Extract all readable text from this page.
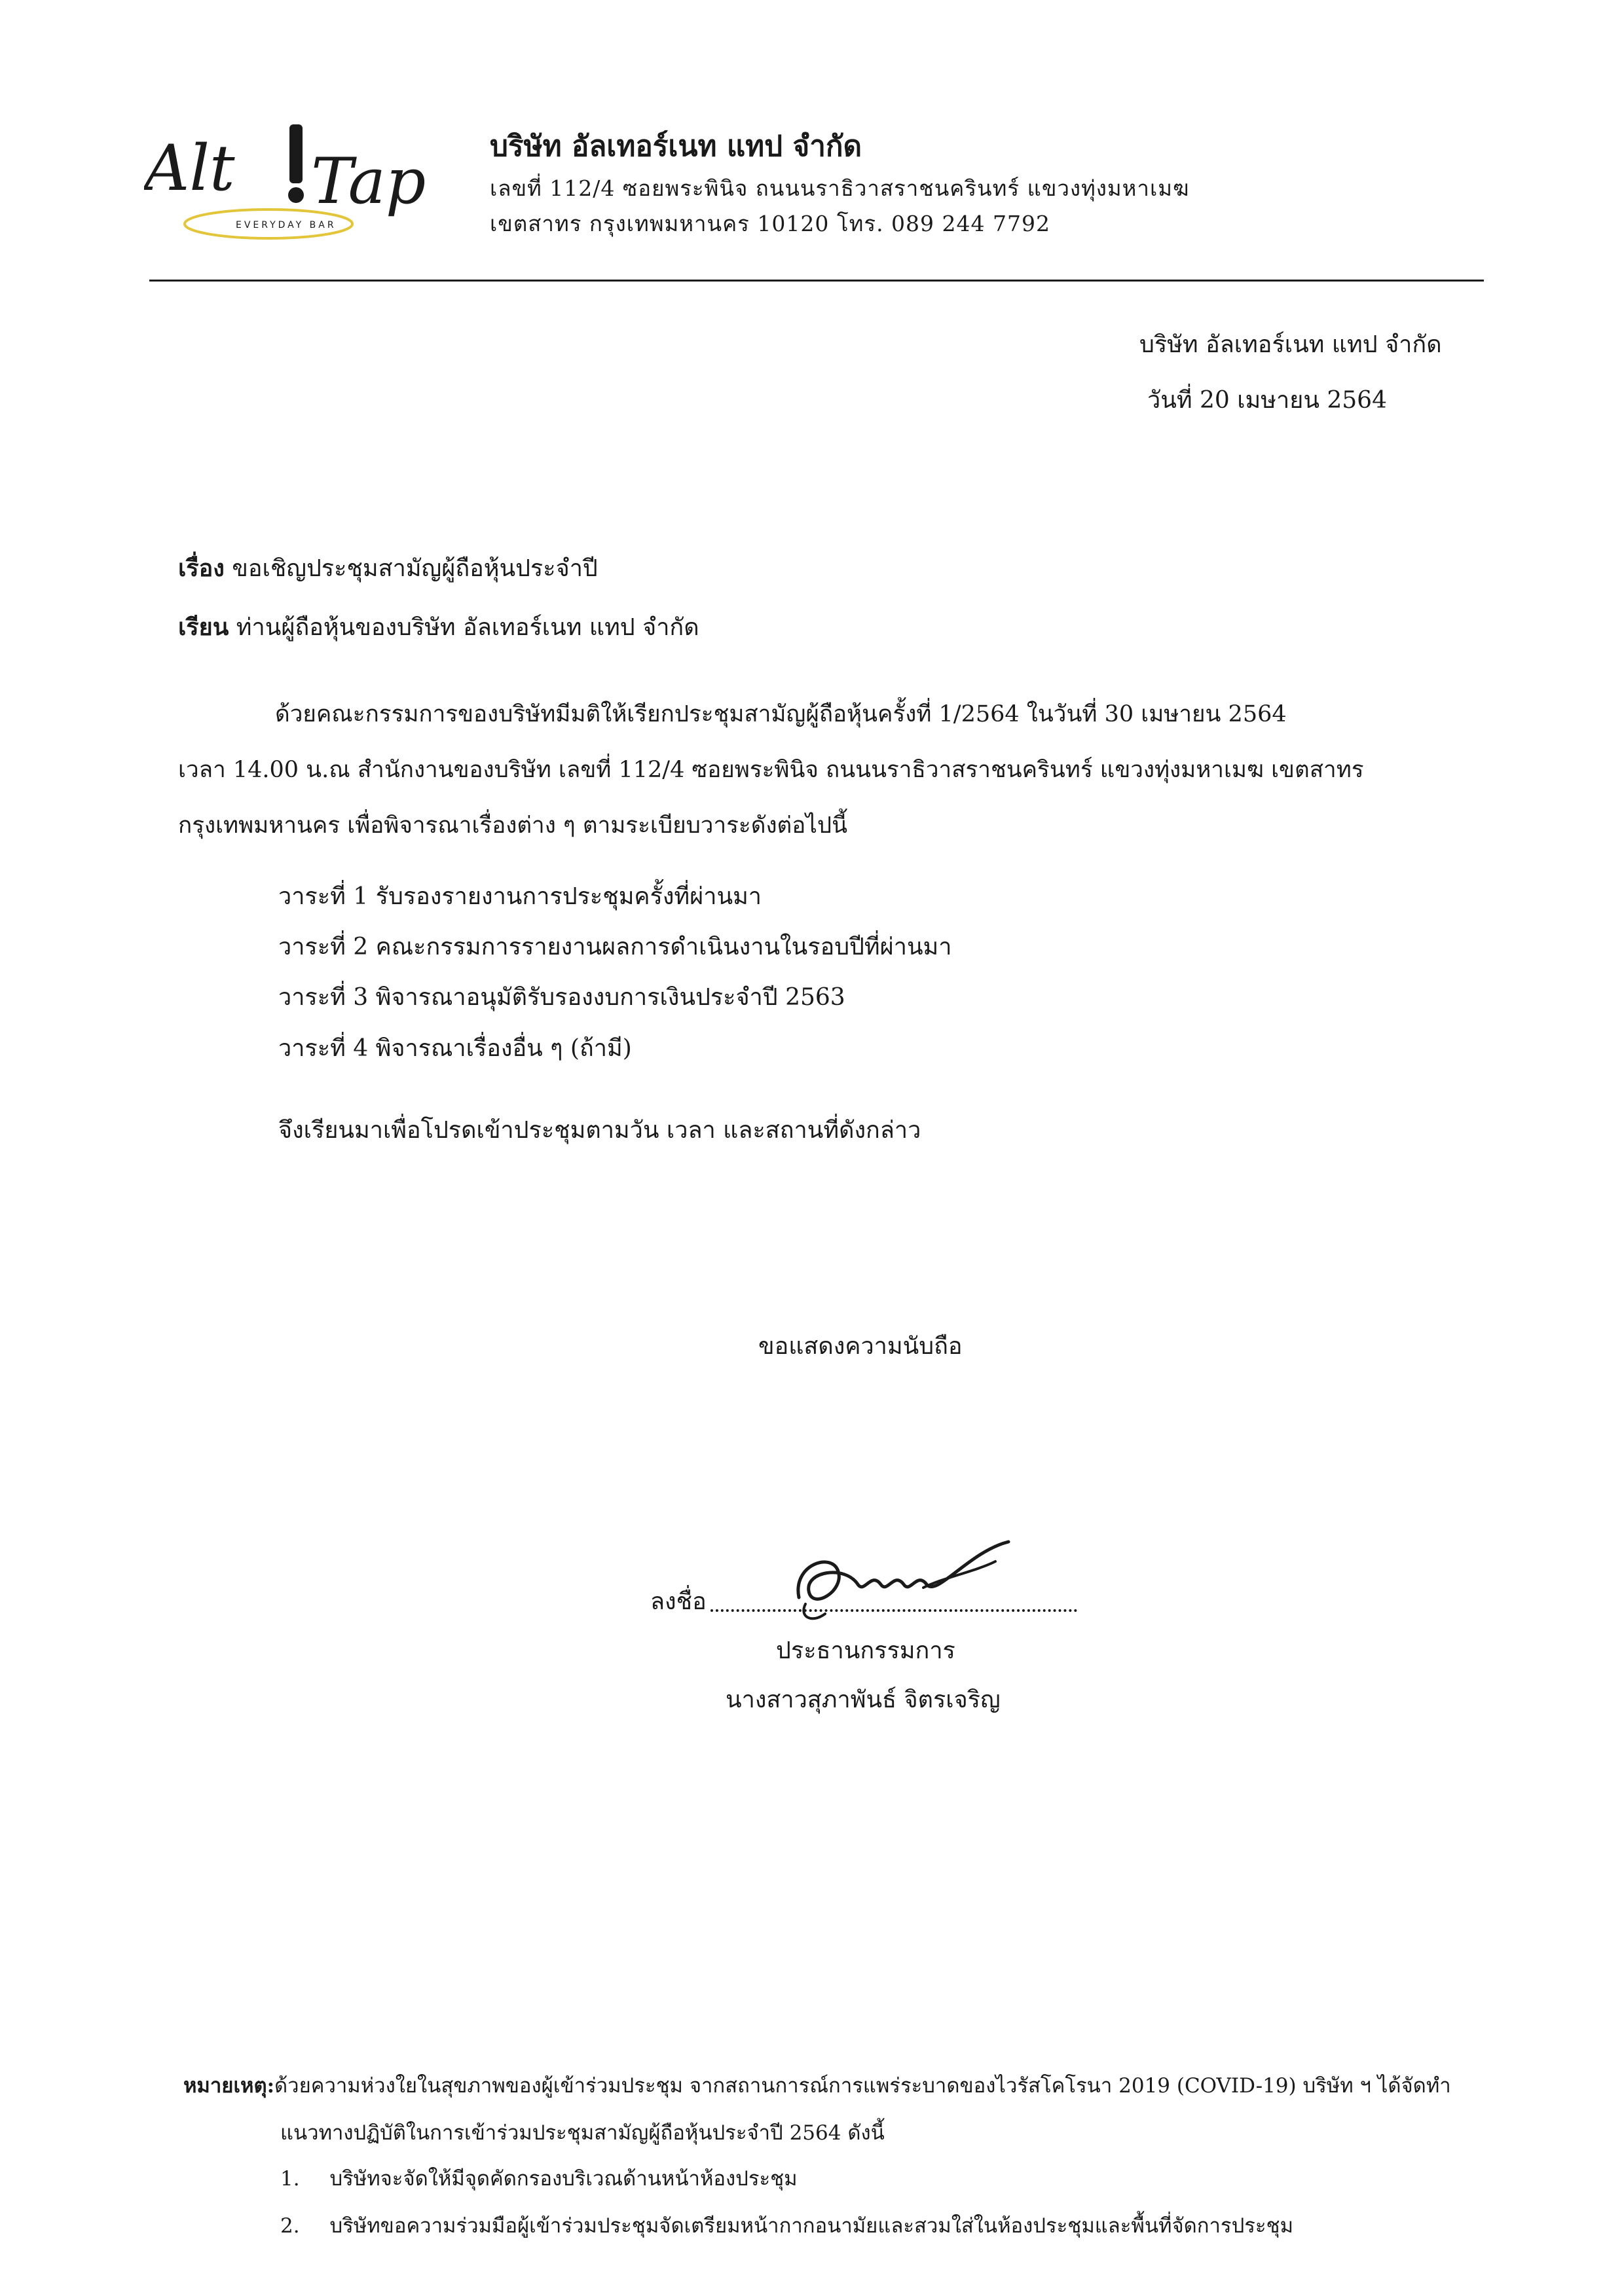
Alt Tap
EVERYDAY BAR
บริษัท อัลเทอร์เนท แทป จำกัด
เลขที่ 112/4 ซอยพระพินิจ ถนนนราธิวาสราชนครินทร์ แขวงทุ่งมหาเมฆ
เขตสาทร กรุงเทพมหานคร 10120 โทร. 089 244 7792
บริษัท อัลเทอร์เนท แทป จำกัด
วันที่ 20 เมษายน 2564
เรื่อง ขอเชิญประชุมสามัญผู้ถือหุ้นประจำปี
เรียน ท่านผู้ถือหุ้นของบริษัท อัลเทอร์เนท แทป จำกัด
ด้วยคณะกรรมการของบริษัทมีมติให้เรียกประชุมสามัญผู้ถือหุ้นครั้งที่ 1/2564 ในวันที่ 30 เมษายน 2564
เวลา 14.00 น.ณ สำนักงานของบริษัท เลขที่ 112/4 ซอยพระพินิจ ถนนนราธิวาสราชนครินทร์ แขวงทุ่งมหาเมฆ เขตสาทร
กรุงเทพมหานคร เพื่อพิจารณาเรื่องต่าง ๆ ตามระเบียบวาระดังต่อไปนี้
วาระที่ 1 รับรองรายงานการประชุมครั้งที่ผ่านมา
วาระที่ 2 คณะกรรมการรายงานผลการดำเนินงานในรอบปีที่ผ่านมา
วาระที่ 3 พิจารณาอนุมัติรับรองงบการเงินประจำปี 2563
วาระที่ 4 พิจารณาเรื่องอื่น ๆ (ถ้ามี)
จึงเรียนมาเพื่อโปรดเข้าประชุมตามวัน เวลา และสถานที่ดังกล่าว
ขอแสดงความนับถือ
ลงชื่อ
ประธานกรรมการ
นางสาวสุภาพันธ์ จิตรเจริญ
หมายเหตุ:ด้วยความห่วงใยในสุขภาพของผู้เข้าร่วมประชุม จากสถานการณ์การแพร่ระบาดของไวรัสโคโรนา 2019 (COVID-19) บริษัท ฯ ได้จัดทำ
แนวทางปฏิบัติในการเข้าร่วมประชุมสามัญผู้ถือหุ้นประจำปี 2564 ดังนี้
1. บริษัทจะจัดให้มีจุดคัดกรองบริเวณด้านหน้าห้องประชุม
2. บริษัทขอความร่วมมือผู้เข้าร่วมประชุมจัดเตรียมหน้ากากอนามัยและสวมใส่ในห้องประชุมและพื้นที่จัดการประชุม
